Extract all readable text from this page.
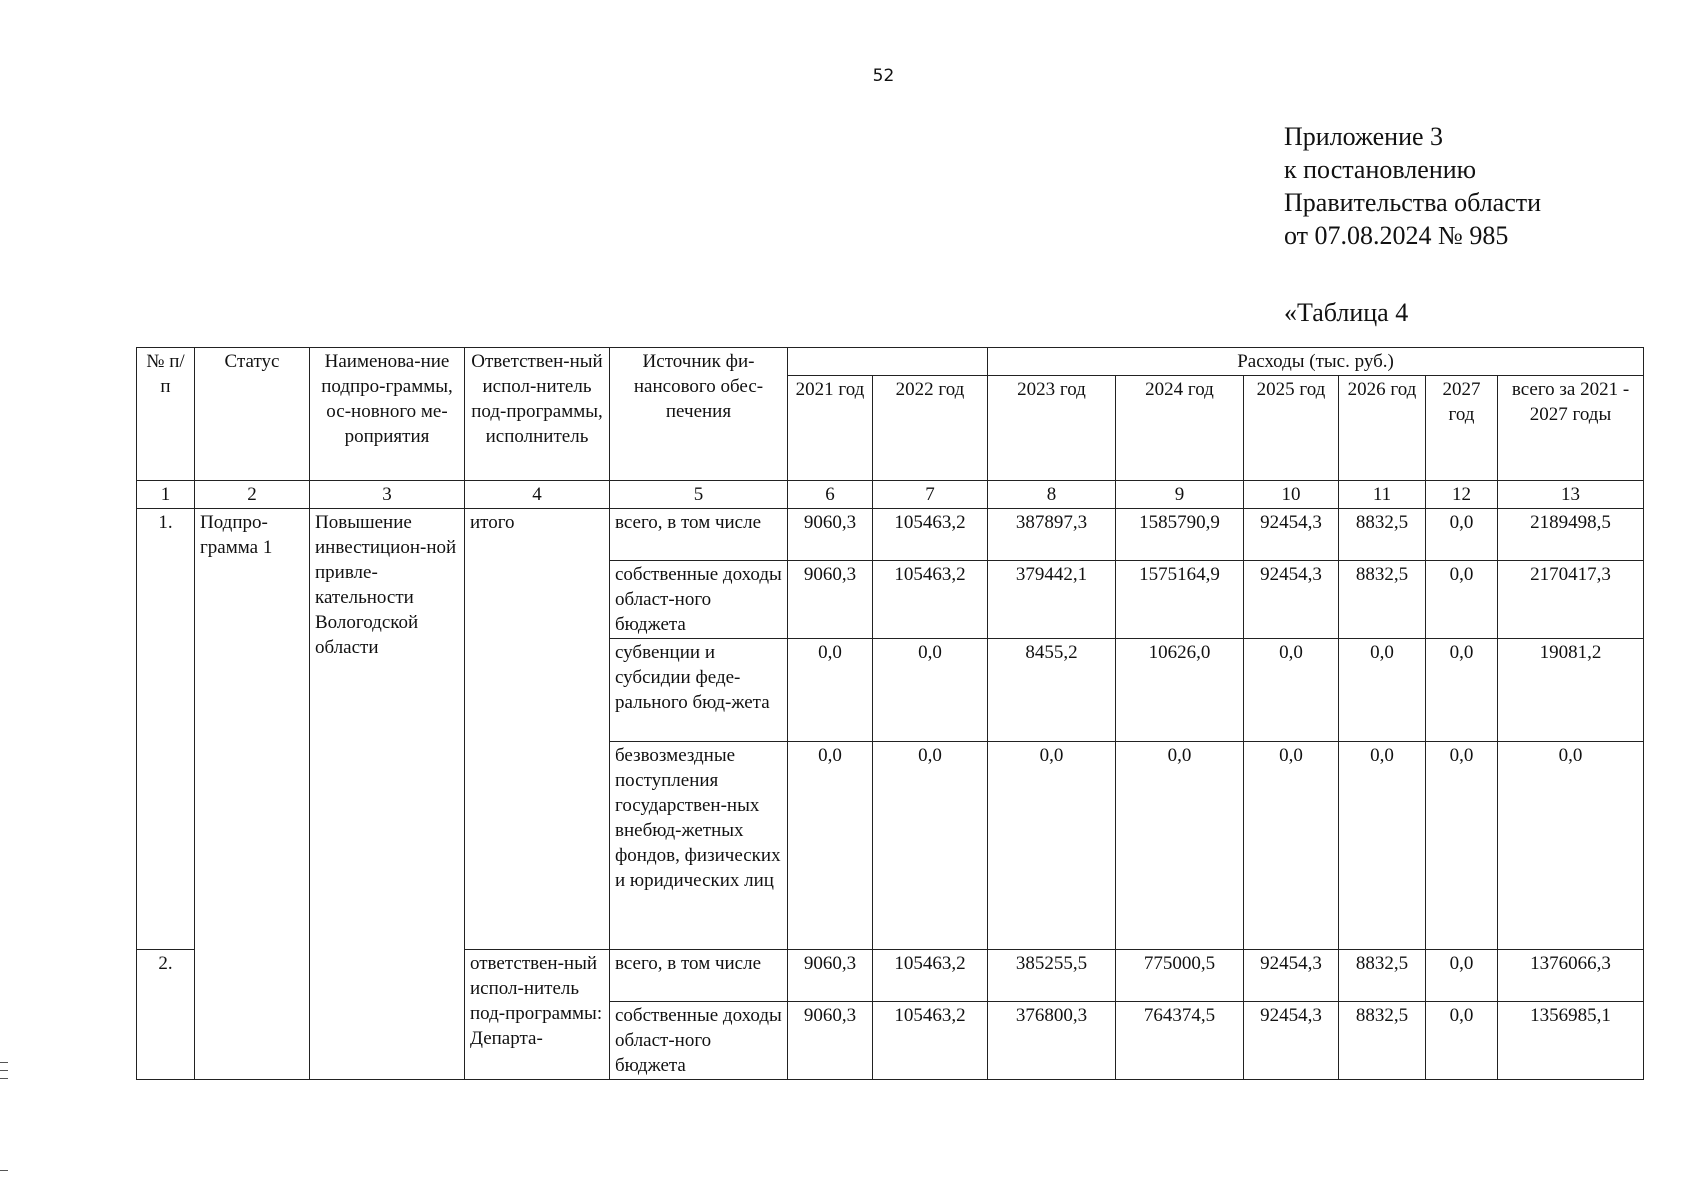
52
Приложение 3
к постановлению
Правительства области
от 07.08.2024 № 985
«Таблица 4
№ п/п	Статус	Наименова-ние подпро-граммы, ос-новного ме-роприятия	Ответствен-ный испол-нитель под-программы, исполнитель	Источник фи-нансового обес-печения			Расходы (тыс. руб.)					
					2021 год	2022 год	2023 год	2024 год	2025 год	2026 год	2027 год	всего за 2021 - 2027 годы
1	2	3	4	5	6	7	8	9	10	11	12	13
1.	Подпро-грамма 1	Повышение инвестицион-ной привле-кательности Вологодской области	итого	всего, в том числе	9060,3	105463,2	387897,3	1585790,9	92454,3	8832,5	0,0	2189498,5
				собственные доходы област-ного бюджета	9060,3	105463,2	379442,1	1575164,9	92454,3	8832,5	0,0	2170417,3
				субвенции и субсидии феде-рального бюд-жета	0,0	0,0	8455,2	10626,0	0,0	0,0	0,0	19081,2
				безвозмездные поступления государствен-ных внебюд-жетных фондов, физических и юридических лиц	0,0	0,0	0,0	0,0	0,0	0,0	0,0	0,0
2.			ответствен-ный испол-нитель под-программы: Департа-	всего, в том числе	9060,3	105463,2	385255,5	775000,5	92454,3	8832,5	0,0	1376066,3
				собственные доходы област-ного бюджета	9060,3	105463,2	376800,3	764374,5	92454,3	8832,5	0,0	1356985,1
